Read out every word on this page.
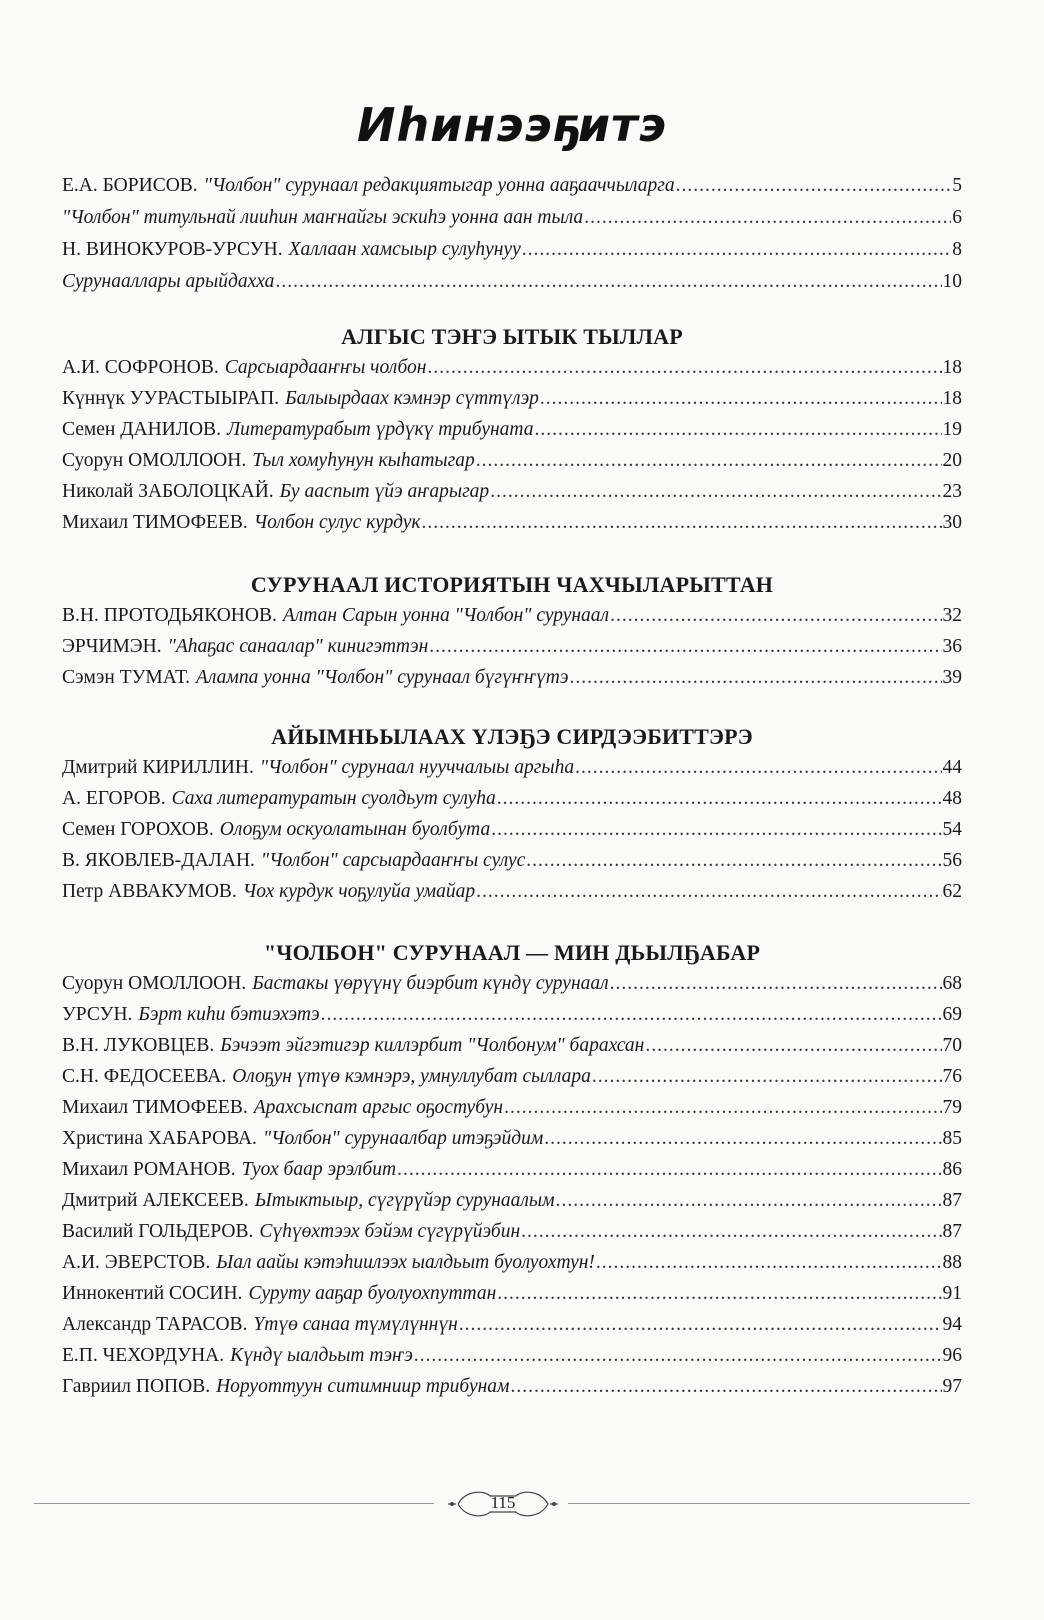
Иhинээҕитэ
Е.А. БОРИСОВ. "Чолбон" сурунаал редакциятыгар уонна ааҕааччыларга .....	5
"Чолбон" титульнай лииhин маҥнайгы эскиhэ уонна аан тыла .....	6
Н. ВИНОКУРОВ-УРСУН. Халлаан хамсыыр сулуhунуу .....	8
Сурунааллары арыйдахха .....	10
АЛГЫС ТЭҤЭ ЫТЫК ТЫЛЛАР
А.И. СОФРОНОВ. Сарсыардааҥҥы чолбон .....	18
Күннүк УУРАСТЫЫРАП. Балыырдаах кэмнэр сүттүлэр .....	18
Семен ДАНИЛОВ. Литературабыт үрдүкү трибуната .....	19
Суорун ОМОЛЛООН. Тыл хомуhунун кыhатыгар .....	20
Николай ЗАБОЛОЦКАЙ. Бу ааспыт үйэ аҥарыгар .....	23
Михаил ТИМОФЕЕВ. Чолбон сулус курдук .....	30
СУРУНААЛ ИСТОРИЯТЫН ЧАХЧЫЛАРЫТТАН
В.Н. ПРОТОДЬЯКОНОВ. Алтан Сарын уонна "Чолбон" сурунаал .....	32
ЭРЧИМЭН. "Аhаҕас санаалар" кинигэттэн .....	36
Сэмэн ТУМАТ. Алампа уонна "Чолбон" сурунаал бүгүҥҥүтэ .....	39
АЙЫМНЬЫЛААХ ҮЛЭҔЭ СИРДЭЭБИТТЭРЭ
Дмитрий КИРИЛЛИН. "Чолбон" сурунаал нууччалыы аргыhа .....	44
А. ЕГОРОВ. Саха литературатын суолдьут сулуhа .....	48
Семен ГОРОХОВ. Олоҕум оскуолатынан буолбута .....	54
В. ЯКОВЛЕВ-ДАЛАН. "Чолбон" сарсыардааҥҥы сулус .....	56
Петр АВВАКУМОВ. Чох курдук чоҕулуйа умайар .....	62
"ЧОЛБОН" СУРУНААЛ — МИН ДЬЫЛҔАБАР
Суорун ОМОЛЛООН. Бастакы үөрүүнү биэрбит күндү сурунаал .....	68
УРСУН. Бэрт киhи бэтиэхэтэ .....	69
В.Н. ЛУКОВЦЕВ. Бэчээт эйгэтигэр киллэрбит "Чолбонум" барахсан .....	70
С.Н. ФЕДОСЕЕВА. Олоҕун үтүө кэмнэрэ, умнуллубат сыллара .....	76
Михаил ТИМОФЕЕВ. Арахсыспат аргыс оҕостубун .....	79
Христина ХАБАРОВА. "Чолбон" сурунаалбар итэҕэйдим .....	85
Михаил РОМАНОВ. Туох баар эрэлбит .....	86
Дмитрий АЛЕКСЕЕВ. Ытыктыыр, сүгүрүйэр сурунаалым .....	87
Василий ГОЛЬДЕРОВ. Сүhүөхтээх бэйэм сүгүрүйэбин .....	87
А.И. ЭВЕРСТОВ. Ыал аайы кэтэhиилээх ыалдьыт буолуохтун! .....	88
Иннокентий СОСИН. Суруту ааҕар буолуохпуттан .....	91
Александр ТАРАСОВ. Үтүө санаа түмүлүннүн .....	94
Е.П. ЧЕХОРДУНА. Күндү ыалдьыт тэҥэ .....	96
Гавриил ПОПОВ. Норуоттуун ситимниир трибунам .....	97
115
